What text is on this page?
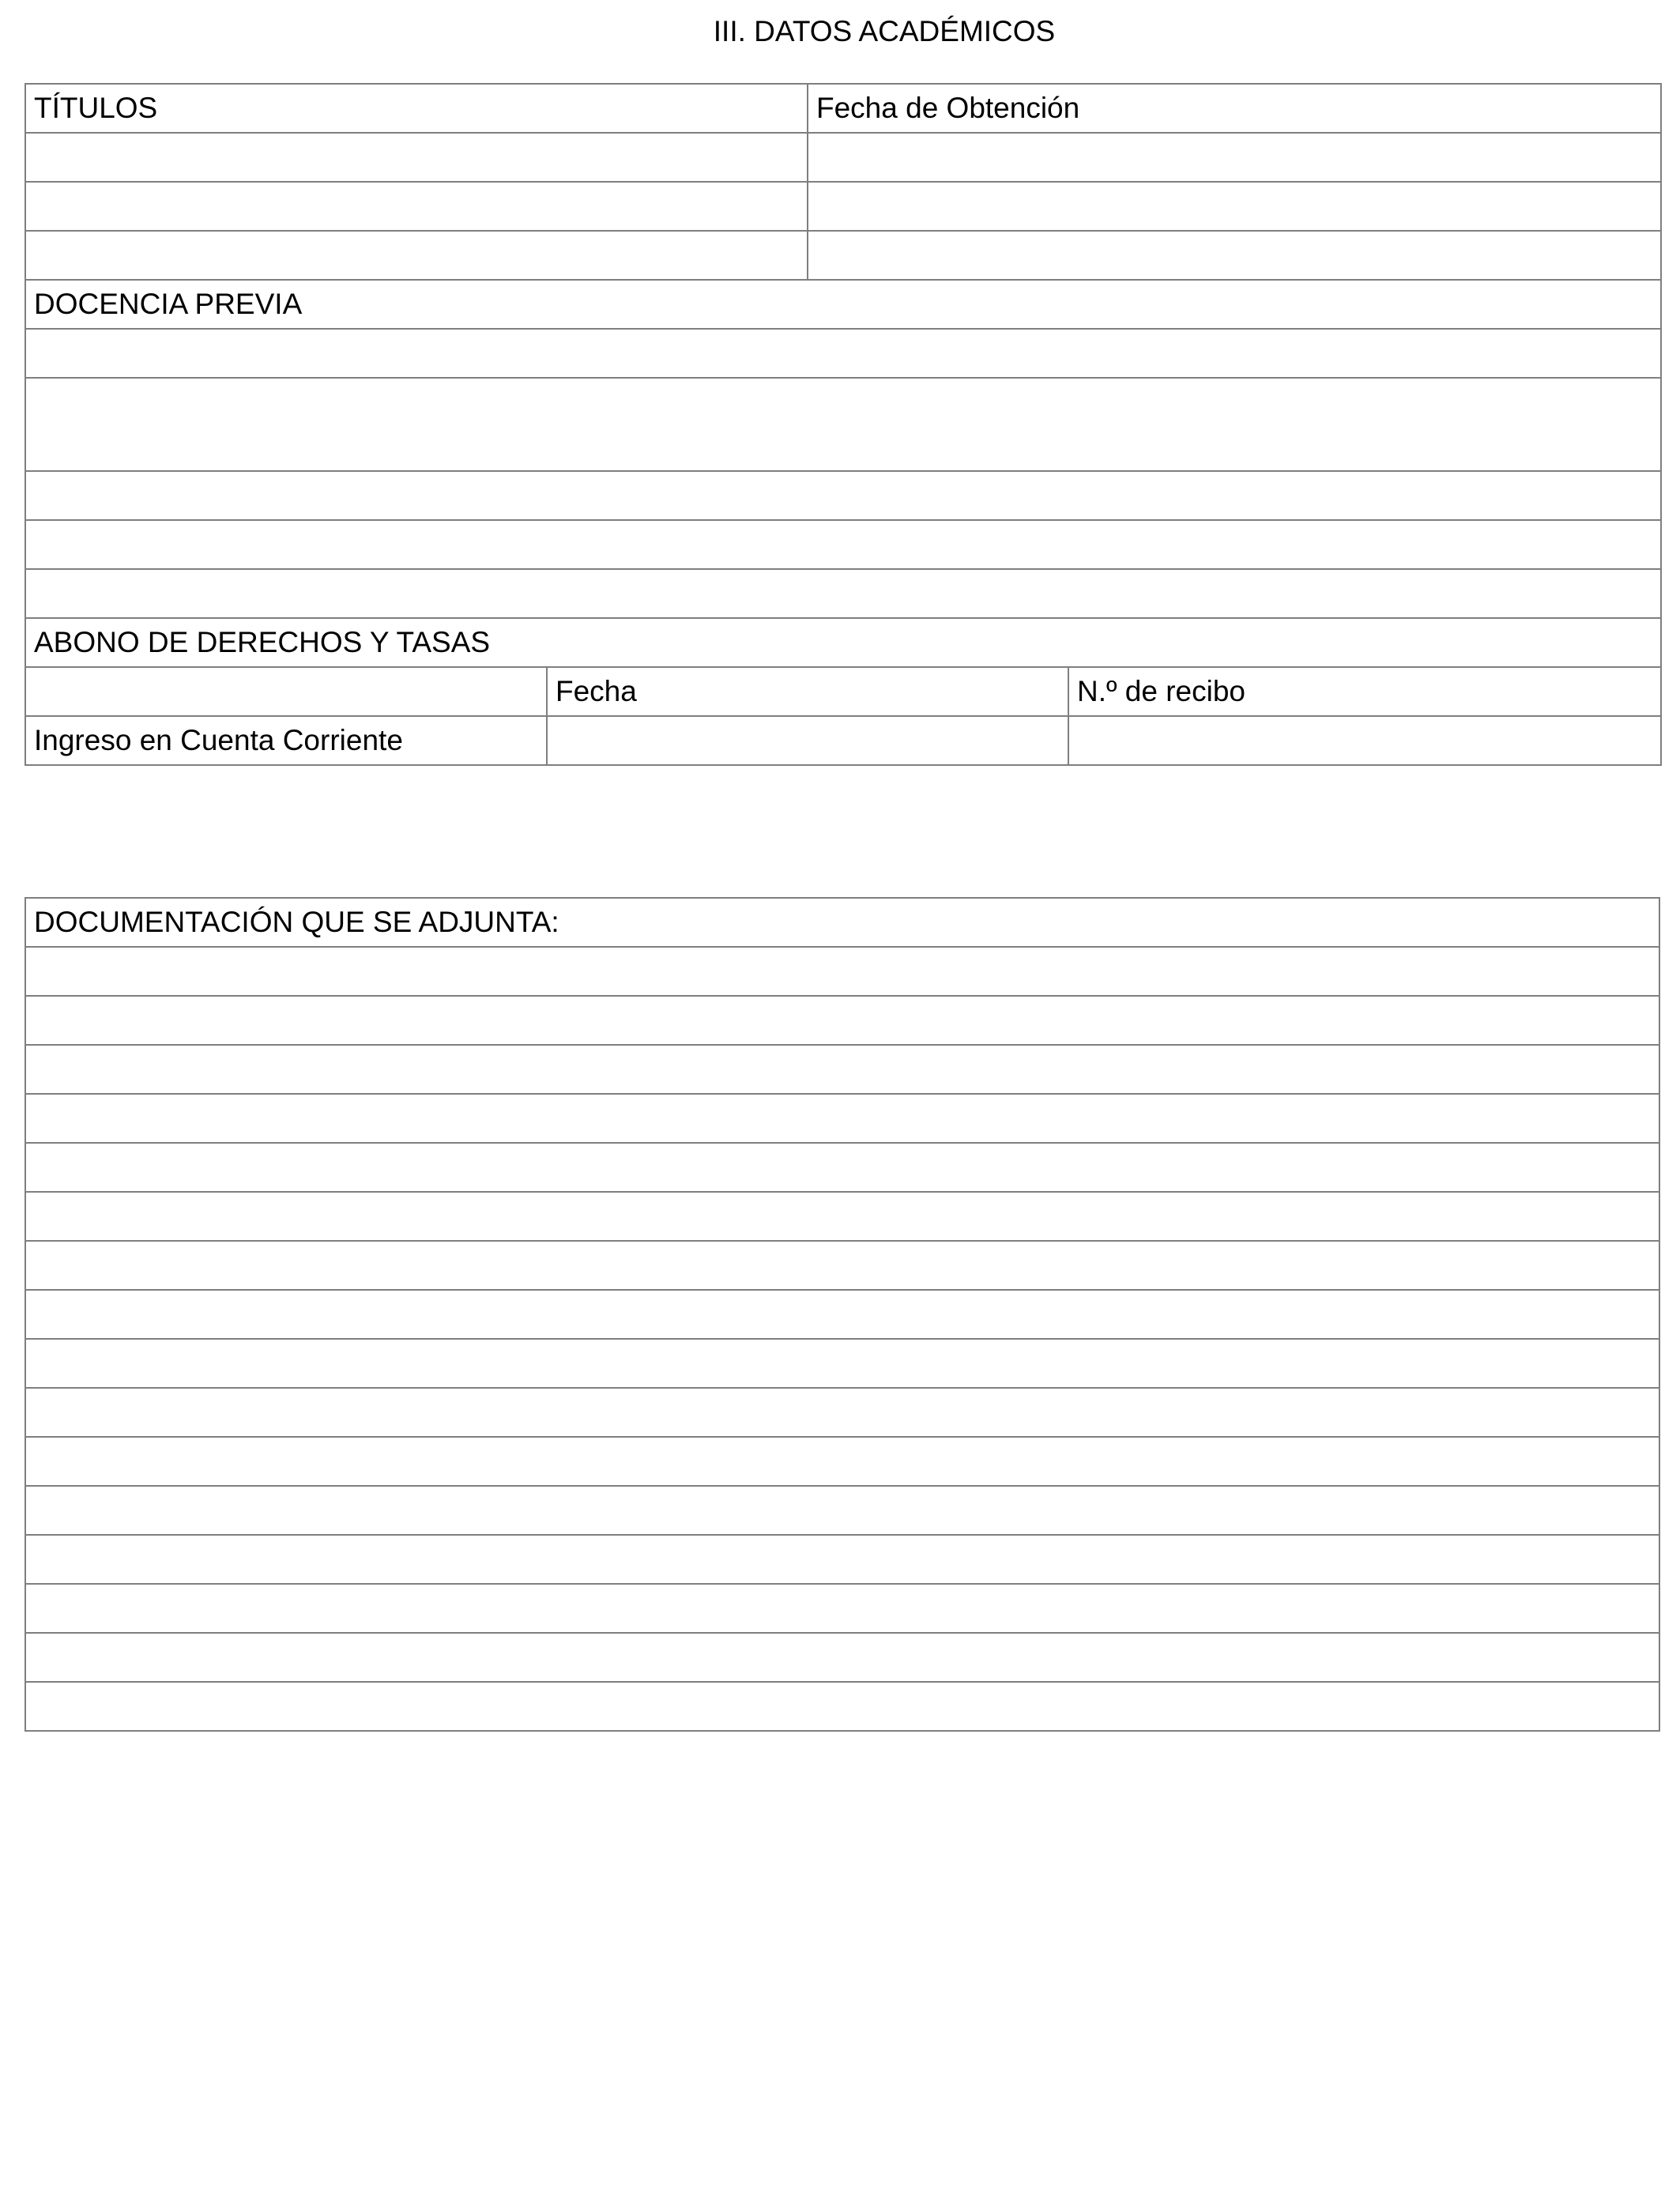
III. DATOS ACADÉMICOS
TÍTULOS		Fecha de Obtención	

DOCENCIA PREVIA			

ABONO DE DERECHOS Y TASAS			
	Fecha		N.º de recibo
Ingreso en Cuenta Corriente			
DOCUMENTACIÓN QUE SE ADJUNTA:
